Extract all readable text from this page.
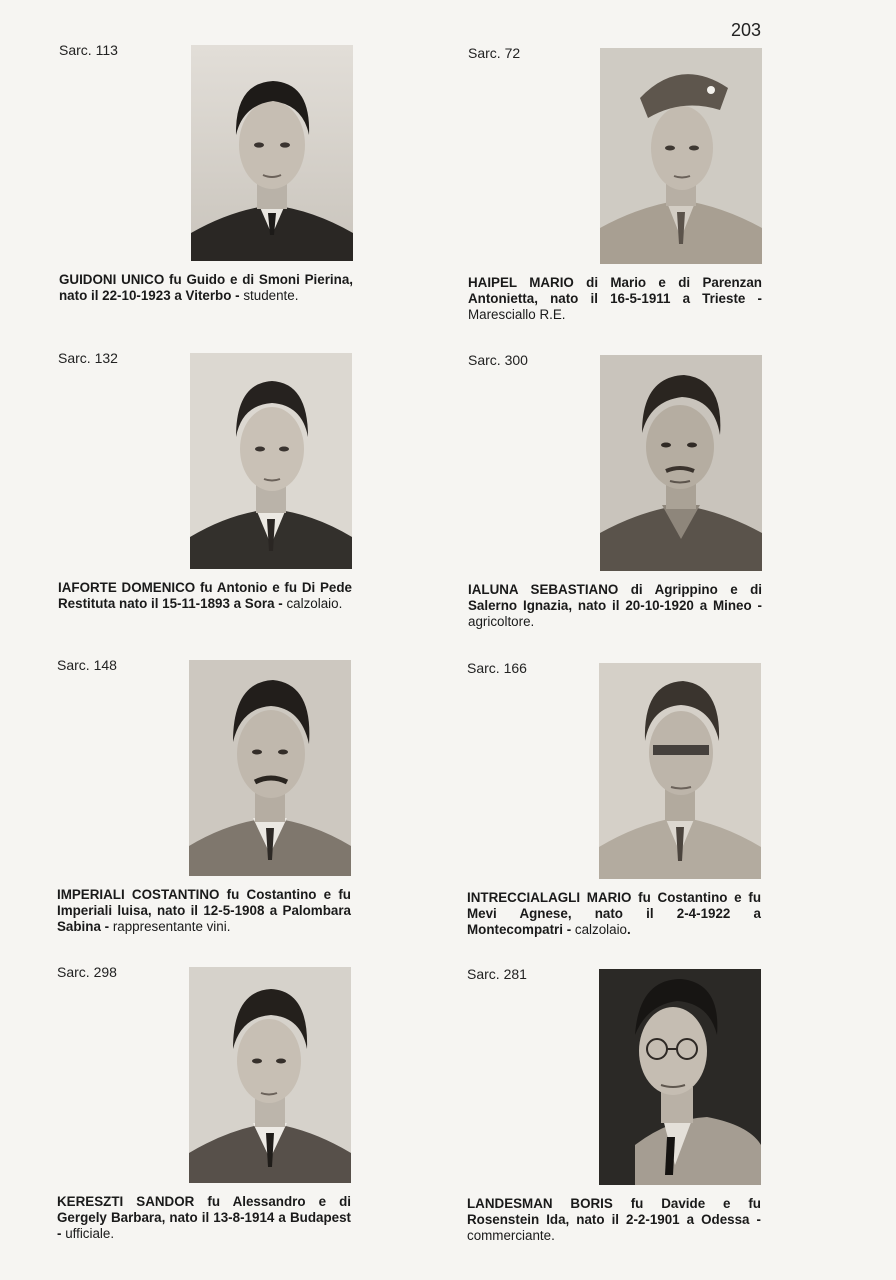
203
Sarc. 113
GUIDONI UNICO fu Guido e di Smoni Pierina, nato il 22-10-1923 a Viterbo - studente.
Sarc. 72
HAIPEL MARIO di Mario e di Parenzan Antonietta, nato il 16-5-1911 a Trieste - Maresciallo R.E.
Sarc. 132
IAFORTE DOMENICO fu Antonio e fu Di Pede Restituta nato il 15-11-1893 a Sora - calzolaio.
Sarc. 300
IALUNA SEBASTIANO di Agrippino e di Salerno Ignazia, nato il 20-10-1920 a Mineo - agricoltore.
Sarc. 148
IMPERIALI COSTANTINO fu Costantino e fu Imperiali luisa, nato il 12-5-1908 a Palombara Sabina - rappresentante vini.
Sarc. 166
INTRECCIALAGLI MARIO fu Costantino e fu Mevi Agnese, nato il 2-4-1922 a Montecompatri - calzolaio.
Sarc. 298
KERESZTI SANDOR fu Alessandro e di Gergely Barbara, nato il 13-8-1914 a Budapest - ufficiale.
Sarc. 281
LANDESMAN BORIS fu Davide e fu Rosenstein Ida, nato il 2-2-1901 a Odessa - commerciante.
